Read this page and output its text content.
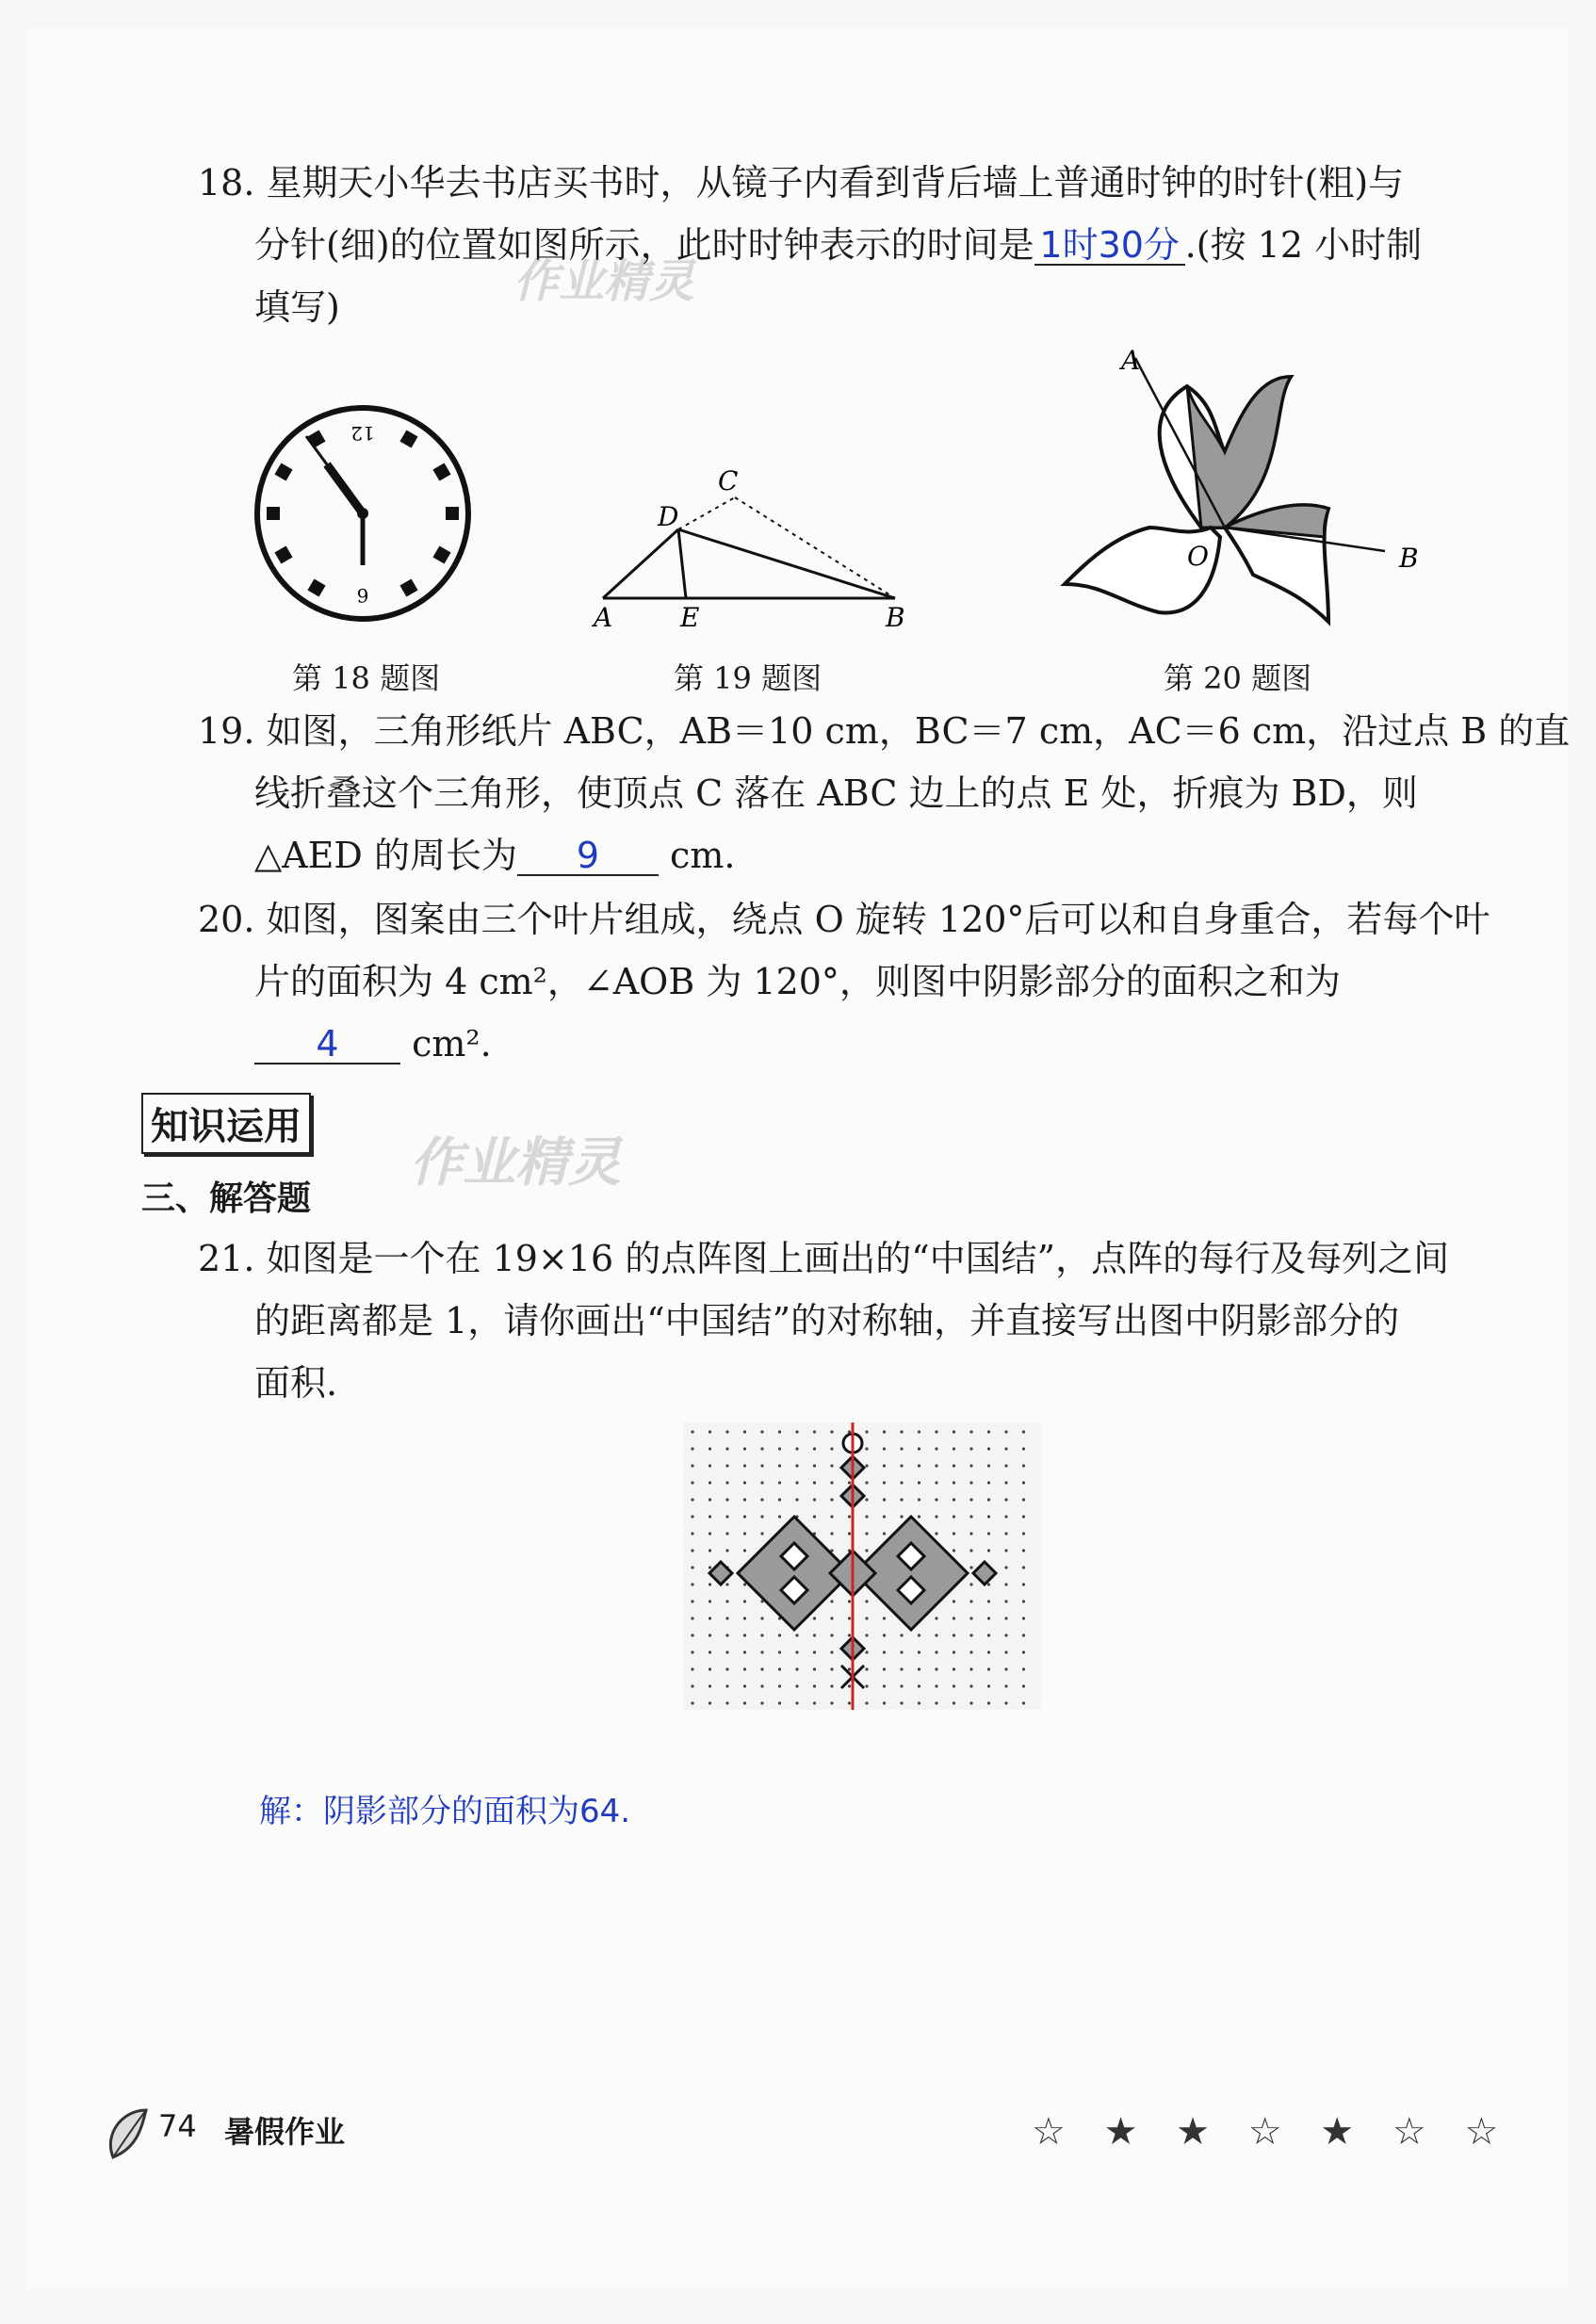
18. 星期天小华去书店买书时，从镜子内看到背后墙上普通时钟的时针(粗)与
分针(细)的位置如图所示，此时时钟表示的时间是 1时30分 .(按 12 小时制
填写)
12
6
第 18 题图
A	E	B
D
C
第 19 题图
A
B
O
第 20 题图
19. 如图，三角形纸片 ABC，AB＝10 cm，BC＝7 cm，AC＝6 cm，沿过点 B 的直
线折叠这个三角形，使顶点 C 落在 ABC 边上的点 E 处，折痕为 BD，则
△AED 的周长为 9 cm.
20. 如图，图案由三个叶片组成，绕点 O 旋转 120°后可以和自身重合，若每个叶
片的面积为 4 cm²，∠AOB 为 120°，则图中阴影部分的面积之和为
4 cm².
知识运用
作业精灵
作业精灵
三、解答题
21. 如图是一个在 19×16 的点阵图上画出的“中国结”，点阵的每行及每列之间
的距离都是 1，请你画出“中国结”的对称轴，并直接写出图中阴影部分的
面积.
解：阴影部分的面积为64.
74 暑假作业	☆ ★ ★ ☆ ★ ☆ ☆
